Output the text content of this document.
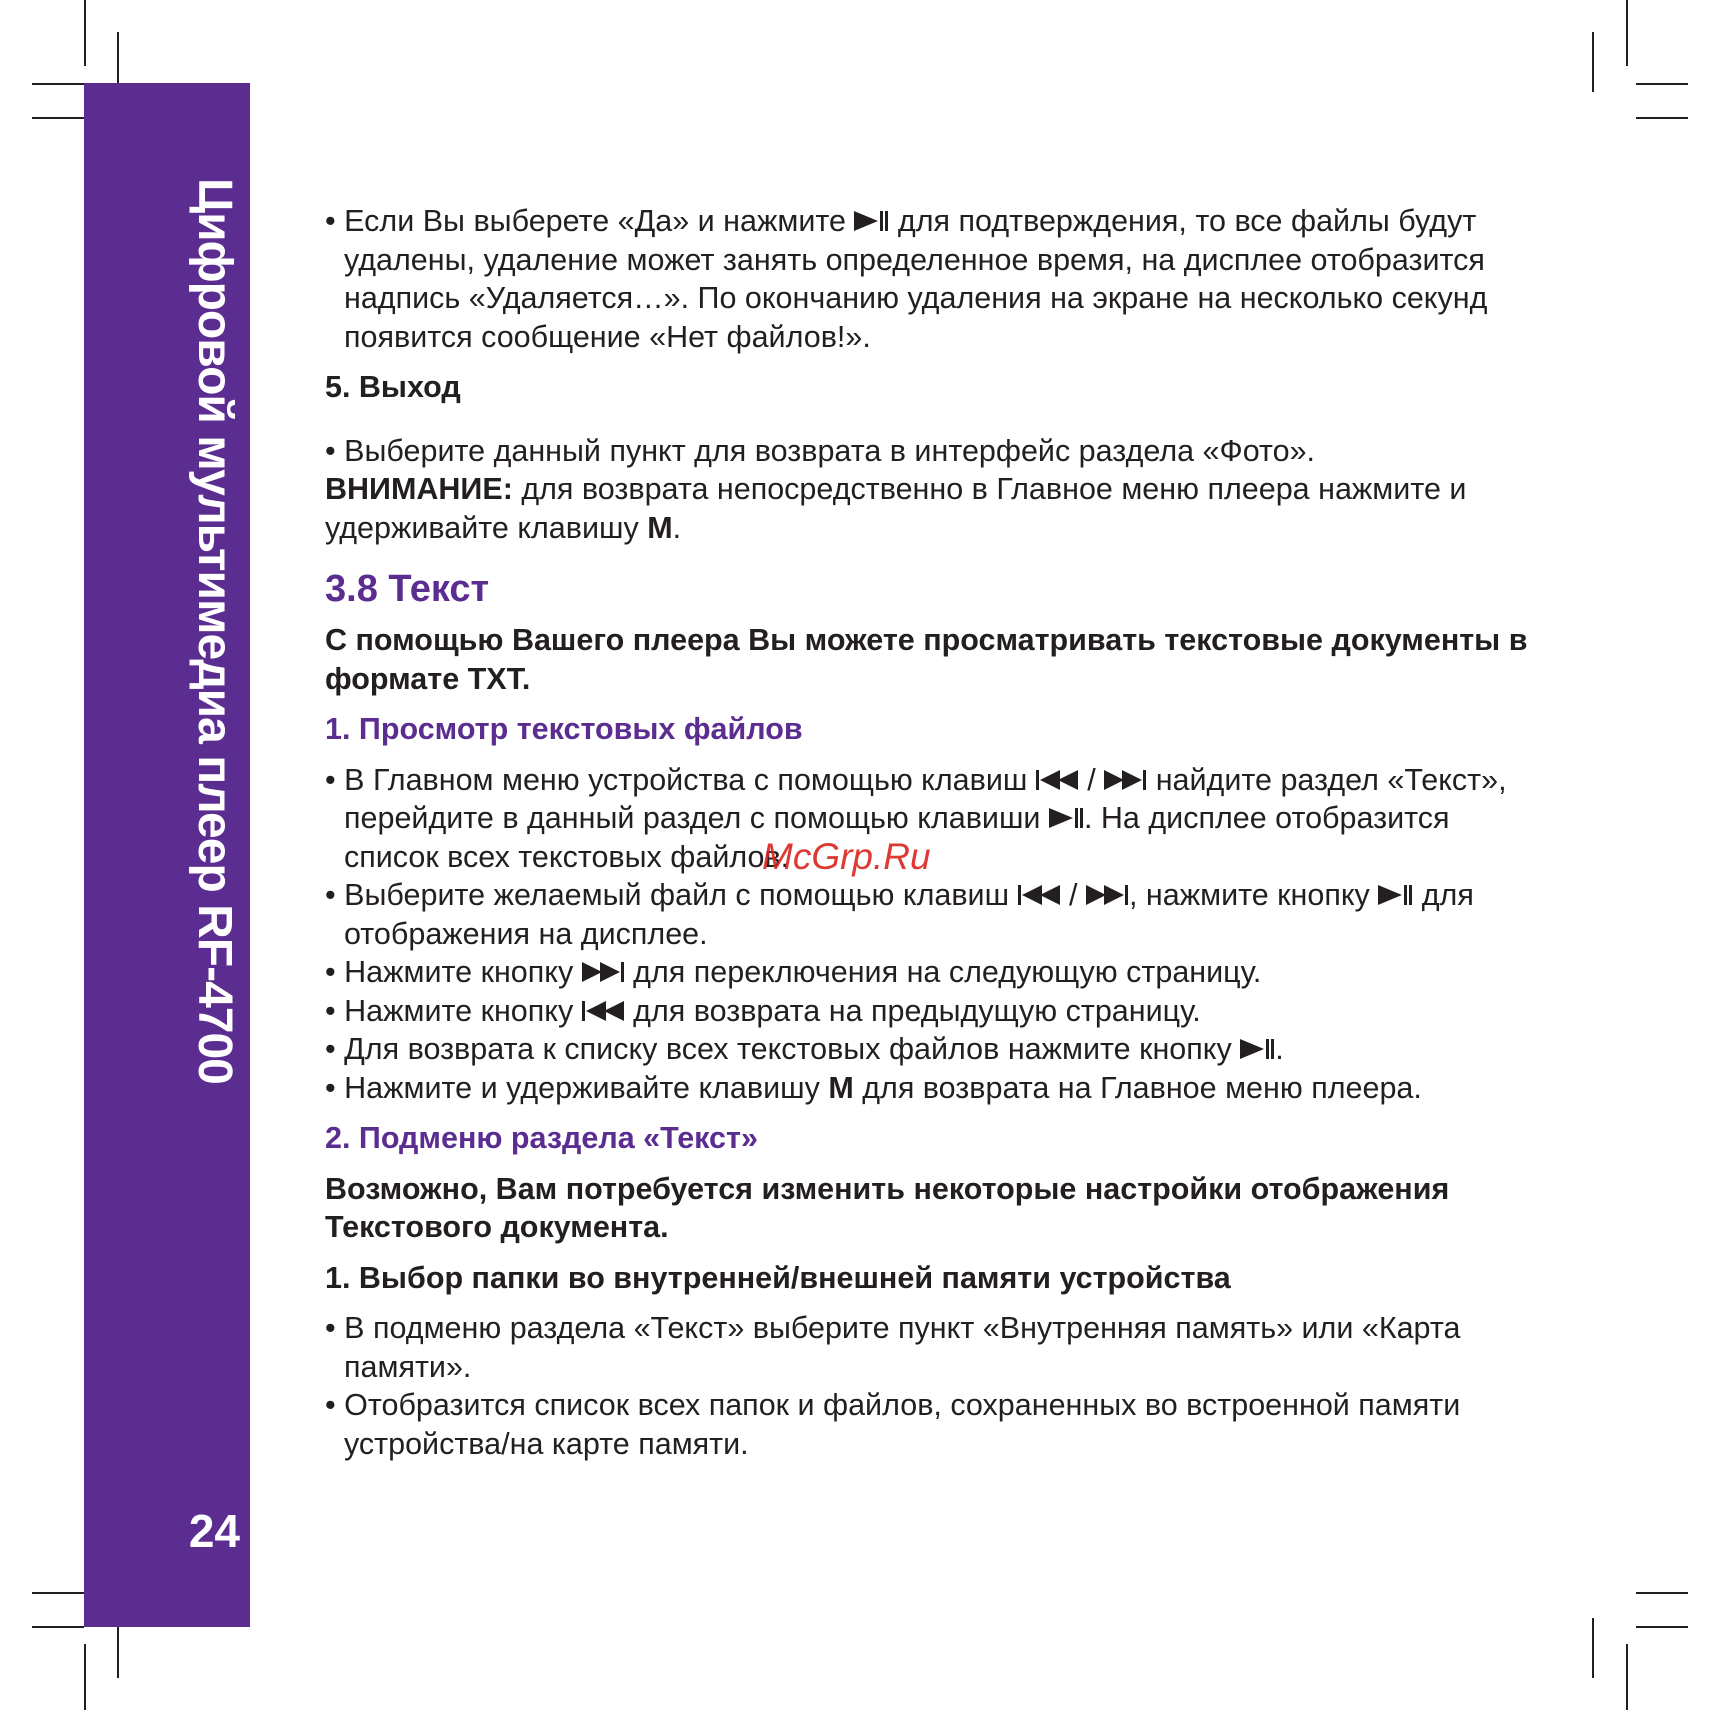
Цифровой мультимедиа плеер RF-4700
24

• Если Вы выберете «Да» и нажмите  для подтверждения, то все файлы будут удалены, удаление может занять определенное время, на дисплее отобразится надпись «Удаляется…». По окончанию удаления на экране на несколько секунд появится сообщение «Нет файлов!».

5. Выход

• Выберите данный пункт для возврата в интерфейс раздела «Фото».

ВНИМАНИЕ: для возврата непосредственно в Главное меню плеера нажмите и удерживайте клавишу M.

3.8 Текст

С помощью Вашего плеера Вы можете просматривать текстовые документы в формате TXT.

1. Просмотр текстовых файлов

• В Главном меню устройства с помощью клавиш  /  найдите раздел «Текст», перейдите в данный раздел с помощью клавиши . На дисплее отобразится список всех текстовых файлов.

• Выберите желаемый файл с помощью клавиш  / , нажмите кнопку  для отображения на дисплее.

• Нажмите кнопку  для переключения на следующую страницу.

• Нажмите кнопку  для возврата на предыдущую страницу.

• Для возврата к списку всех текстовых файлов нажмите кнопку .

• Нажмите и удерживайте клавишу M для возврата на Главное меню плеера.

2. Подменю раздела «Текст»

Возможно, Вам потребуется изменить некоторые настройки отображения Текстового документа.

1. Выбор папки во внутренней/внешней памяти устройства

• В подменю раздела «Текст» выберите пункт «Внутренняя память» или «Карта памяти».

• Отобразится список всех папок и файлов, сохраненных во встроенной памяти устройства/на карте памяти.

McGrp.Ru
